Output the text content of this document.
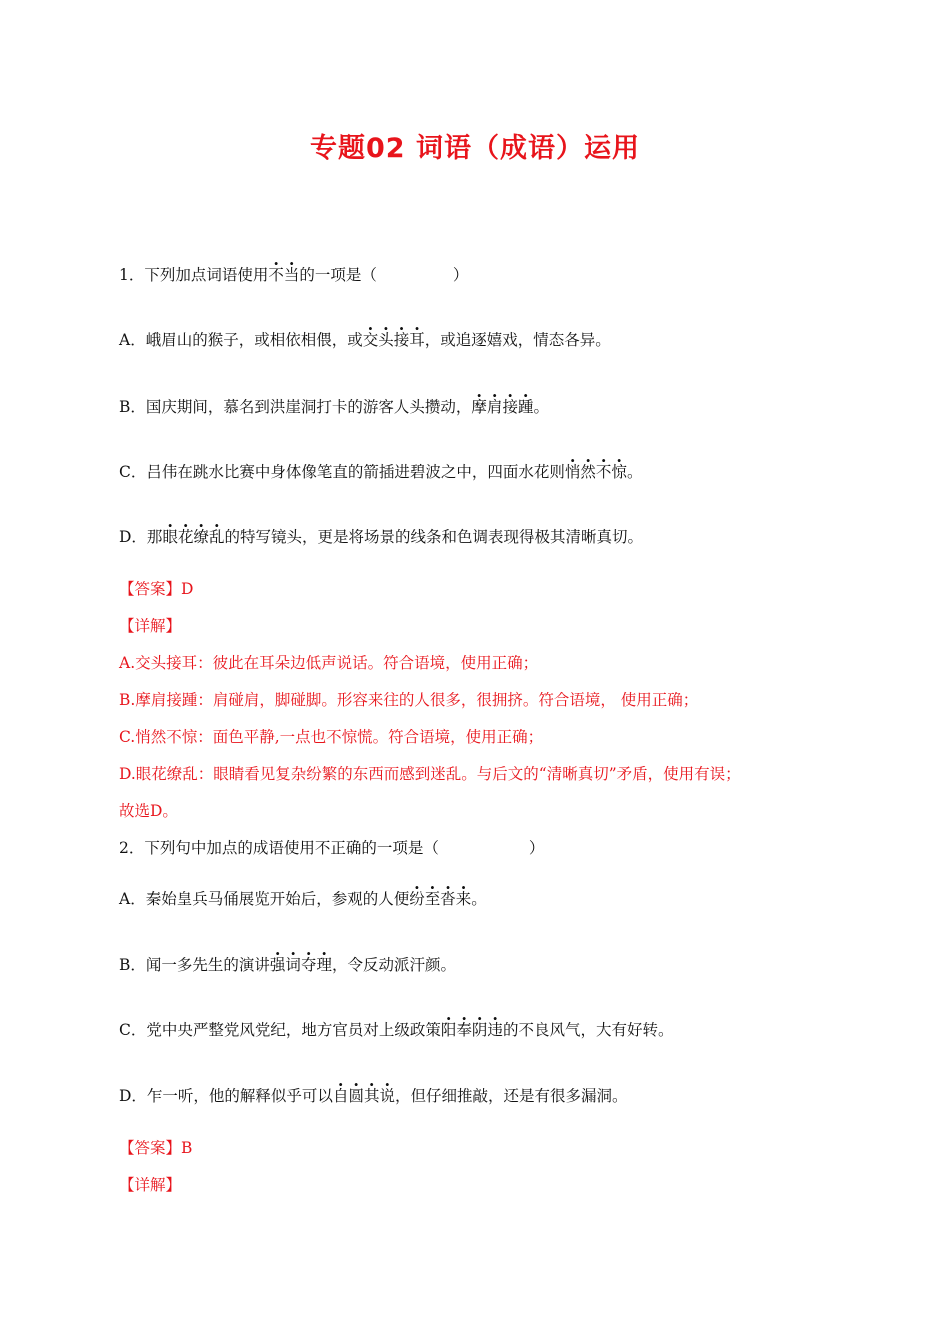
专题02 词语（成语）运用
1．下列加点词语使用不当的一项是（	）
A．峨眉山的猴子，或相依相偎，或交头接耳，或追逐嬉戏，情态各异。
B．国庆期间，慕名到洪崖洞打卡的游客人头攒动，摩肩接踵。
C．吕伟在跳水比赛中身体像笔直的箭插进碧波之中，四面水花则悄然不惊。
D．那眼花缭乱的特写镜头，更是将场景的线条和色调表现得极其清晰真切。
【答案】D
【详解】
A.交头接耳：彼此在耳朵边低声说话。符合语境，使用正确；
B.摩肩接踵：肩碰肩，脚碰脚。形容来往的人很多，很拥挤。符合语境， 使用正确；
C.悄然不惊：面色平静,一点也不惊慌。符合语境，使用正确；
D.眼花缭乱：眼睛看见复杂纷繁的东西而感到迷乱。与后文的“清晰真切”矛盾，使用有误；
故选D。
2．下列句中加点的成语使用不正确的一项是（	）
A．秦始皇兵马俑展览开始后，参观的人便纷至沓来。
B．闻一多先生的演讲强词夺理，令反动派汗颜。
C．党中央严整党风党纪，地方官员对上级政策阳奉阴违的不良风气，大有好转。
D．乍一听，他的解释似乎可以自圆其说，但仔细推敲，还是有很多漏洞。
【答案】B
【详解】
